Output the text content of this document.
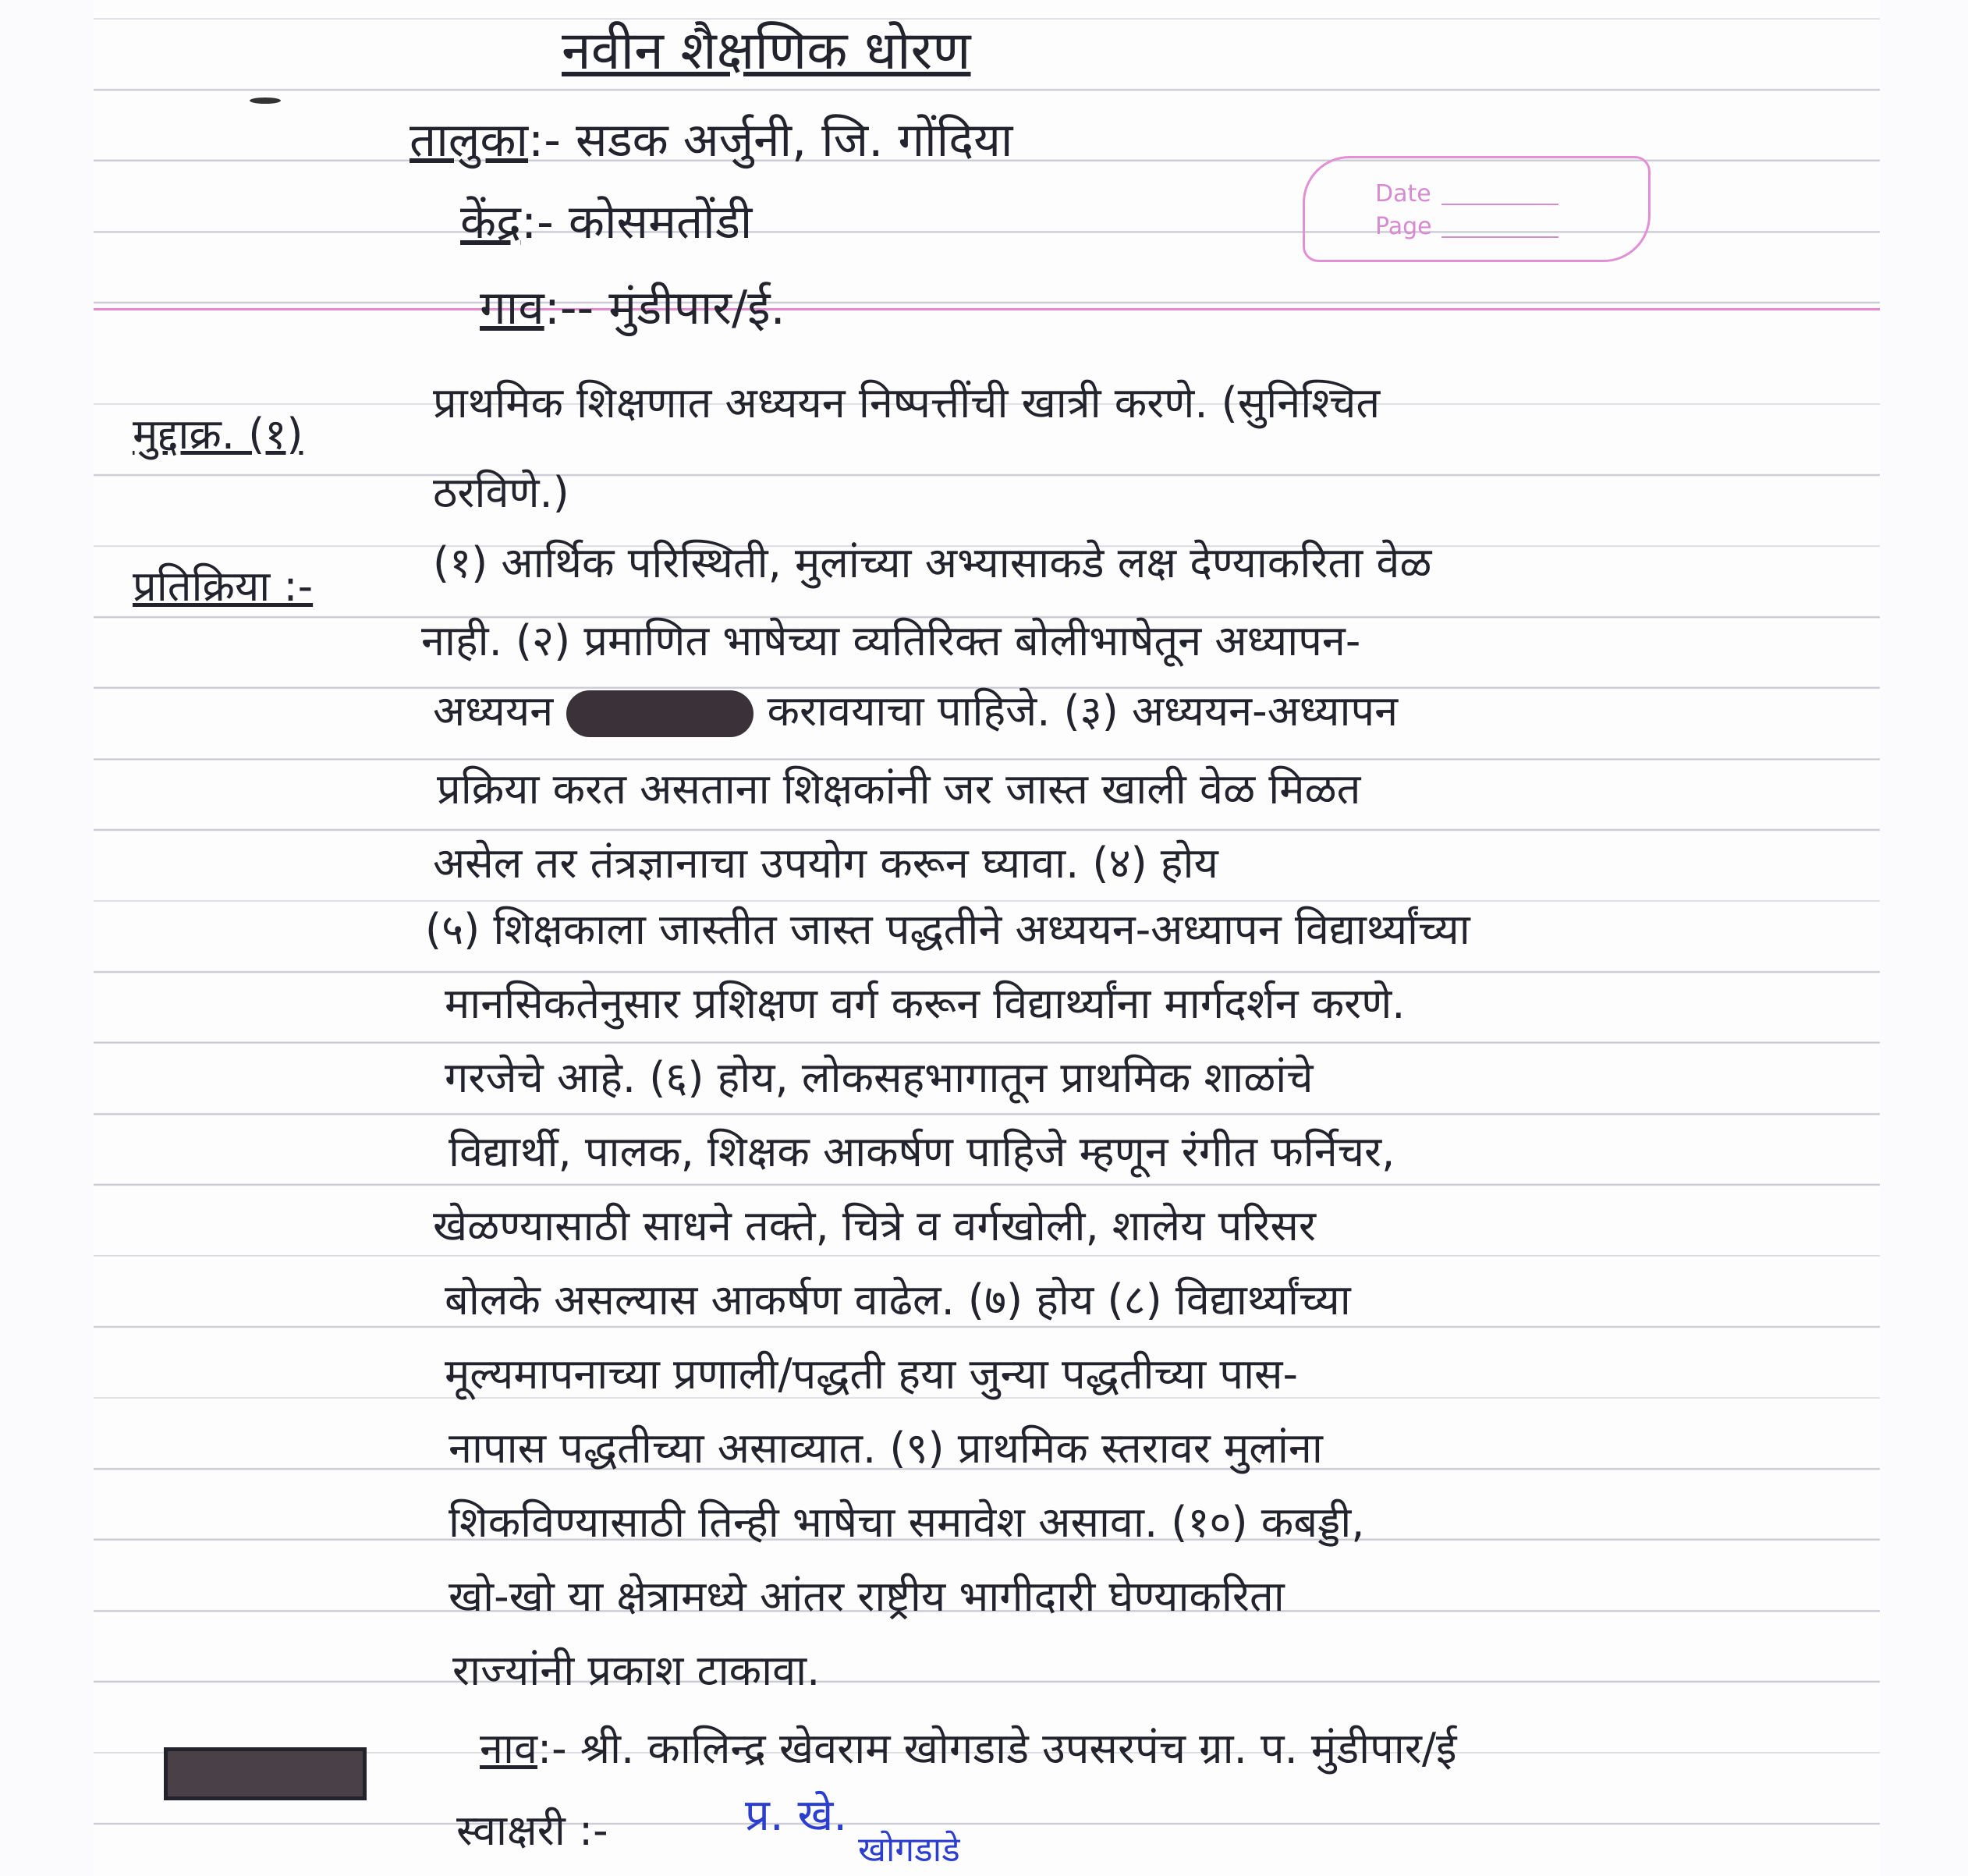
Date
Page
नवीन शैक्षणिक धोरण
तालुका:- सडक अर्जुनी, जि. गोंदिया
केंद्र:- कोसमतोंडी
गाव:-- मुंडीपार/ई.
मुद्दाक्र. (१)
प्राथमिक शिक्षणात अध्ययन निष्पत्तींची खात्री करणे. (सुनिश्चित
ठरविणे.)
प्रतिक्रिया :-	(१) आर्थिक परिस्थिती, मुलांच्या अभ्यासाकडे लक्ष देण्याकरिता वेळ
नाही. (२) प्रमाणित भाषेच्या व्यतिरिक्त बोलीभाषेतून अध्यापन-
अध्ययन	करावयाचा पाहिजे. (३) अध्ययन-अध्यापन
प्रक्रिया करत असताना शिक्षकांनी जर जास्त खाली वेळ मिळत
असेल तर तंत्रज्ञानाचा उपयोग करून घ्यावा. (४) होय
(५) शिक्षकाला जास्तीत जास्त पद्धतीने अध्ययन-अध्यापन विद्यार्थ्यांच्या
मानसिकतेनुसार प्रशिक्षण वर्ग करून विद्यार्थ्यांना मार्गदर्शन करणे.
गरजेचे आहे. (६) होय, लोकसहभागातून प्राथमिक शाळांचे
विद्यार्थी, पालक, शिक्षक आकर्षण पाहिजे म्हणून रंगीत फर्निचर,
खेळण्यासाठी साधने तक्ते, चित्रे व वर्गखोली, शालेय परिसर
बोलके असल्यास आकर्षण वाढेल. (७) होय (८) विद्यार्थ्यांच्या
मूल्यमापनाच्या प्रणाली/पद्धती हया जुन्या पद्धतीच्या पास-
नापास पद्धतीच्या असाव्यात. (९) प्राथमिक स्तरावर मुलांना
शिकविण्यासाठी तिन्ही भाषेचा समावेश असावा. (१०) कबड्डी,
खो-खो या क्षेत्रामध्ये आंतर राष्ट्रीय भागीदारी घेण्याकरिता
राज्यांनी प्रकाश टाकावा.
नाव:- श्री. कालिन्द्र खेवराम खोगडाडे उपसरपंच ग्रा. प. मुंडीपार/ई
स्वाक्षरी :-	प्र. खे.
खोगडाडे
